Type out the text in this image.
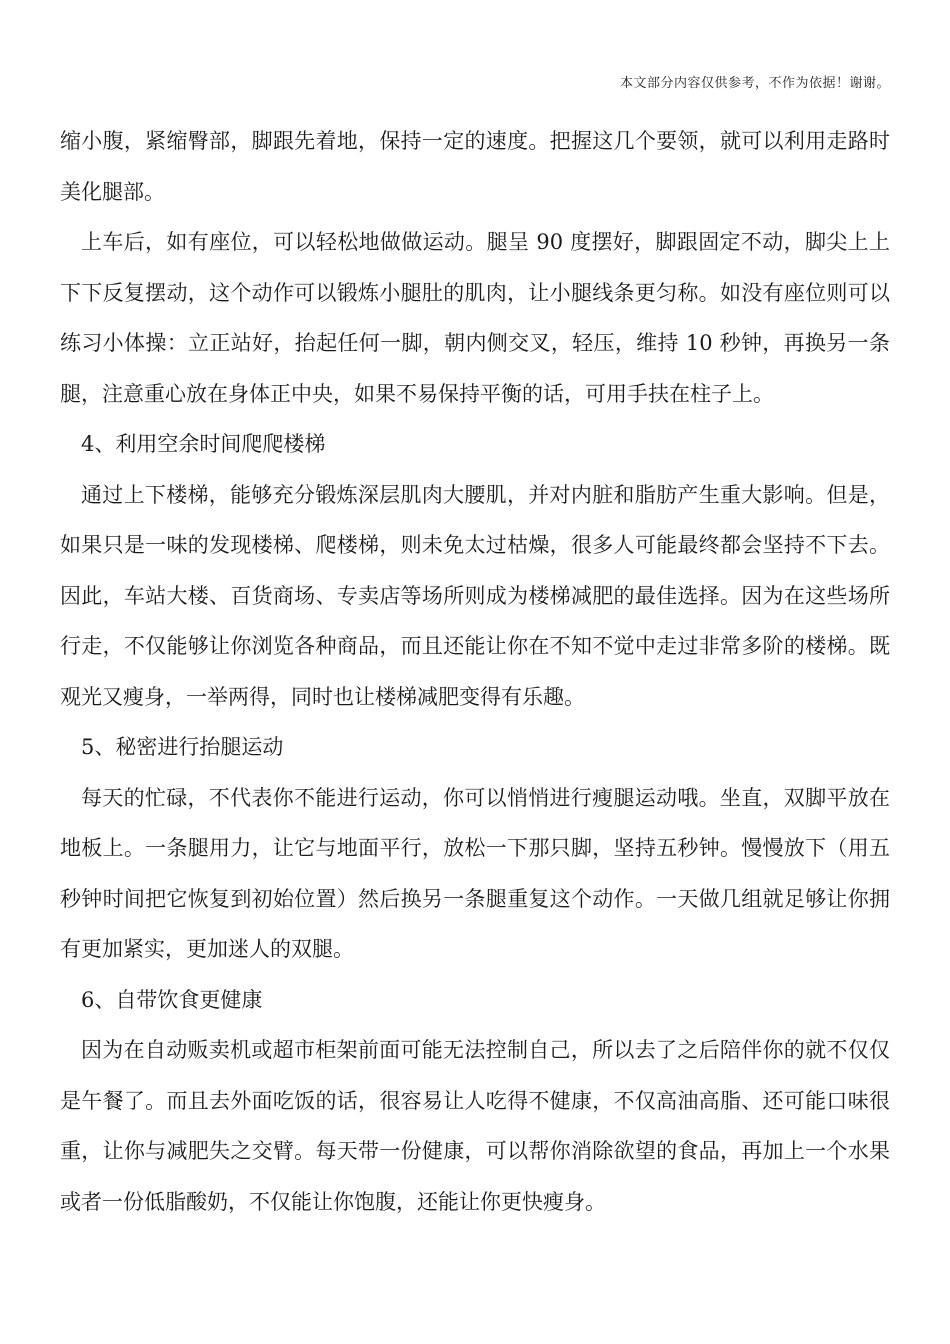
本文部分内容仅供参考，不作为依据！谢谢。

缩小腹，紧缩臀部，脚跟先着地，保持一定的速度。把握这几个要领，就可以利用走路时美化腿部。

上车后，如有座位，可以轻松地做做运动。腿呈 90 度摆好，脚跟固定不动，脚尖上上下下反复摆动，这个动作可以锻炼小腿肚的肌肉，让小腿线条更匀称。如没有座位则可以练习小体操：立正站好，抬起任何一脚，朝内侧交叉，轻压，维持 10 秒钟，再换另一条腿，注意重心放在身体正中央，如果不易保持平衡的话，可用手扶在柱子上。

4、利用空余时间爬爬楼梯

通过上下楼梯，能够充分锻炼深层肌肉大腰肌，并对内脏和脂肪产生重大影响。但是，如果只是一味的发现楼梯、爬楼梯，则未免太过枯燥，很多人可能最终都会坚持不下去。因此，车站大楼、百货商场、专卖店等场所则成为楼梯减肥的最佳选择。因为在这些场所行走，不仅能够让你浏览各种商品，而且还能让你在不知不觉中走过非常多阶的楼梯。既观光又瘦身，一举两得，同时也让楼梯减肥变得有乐趣。

5、秘密进行抬腿运动

每天的忙碌，不代表你不能进行运动，你可以悄悄进行瘦腿运动哦。坐直，双脚平放在地板上。一条腿用力，让它与地面平行，放松一下那只脚，坚持五秒钟。慢慢放下（用五秒钟时间把它恢复到初始位置）然后换另一条腿重复这个动作。一天做几组就足够让你拥有更加紧实，更加迷人的双腿。

6、自带饮食更健康

因为在自动贩卖机或超市柜架前面可能无法控制自己，所以去了之后陪伴你的就不仅仅是午餐了。而且去外面吃饭的话，很容易让人吃得不健康，不仅高油高脂、还可能口味很重，让你与减肥失之交臂。每天带一份健康，可以帮你消除欲望的食品，再加上一个水果或者一份低脂酸奶，不仅能让你饱腹，还能让你更快瘦身。
